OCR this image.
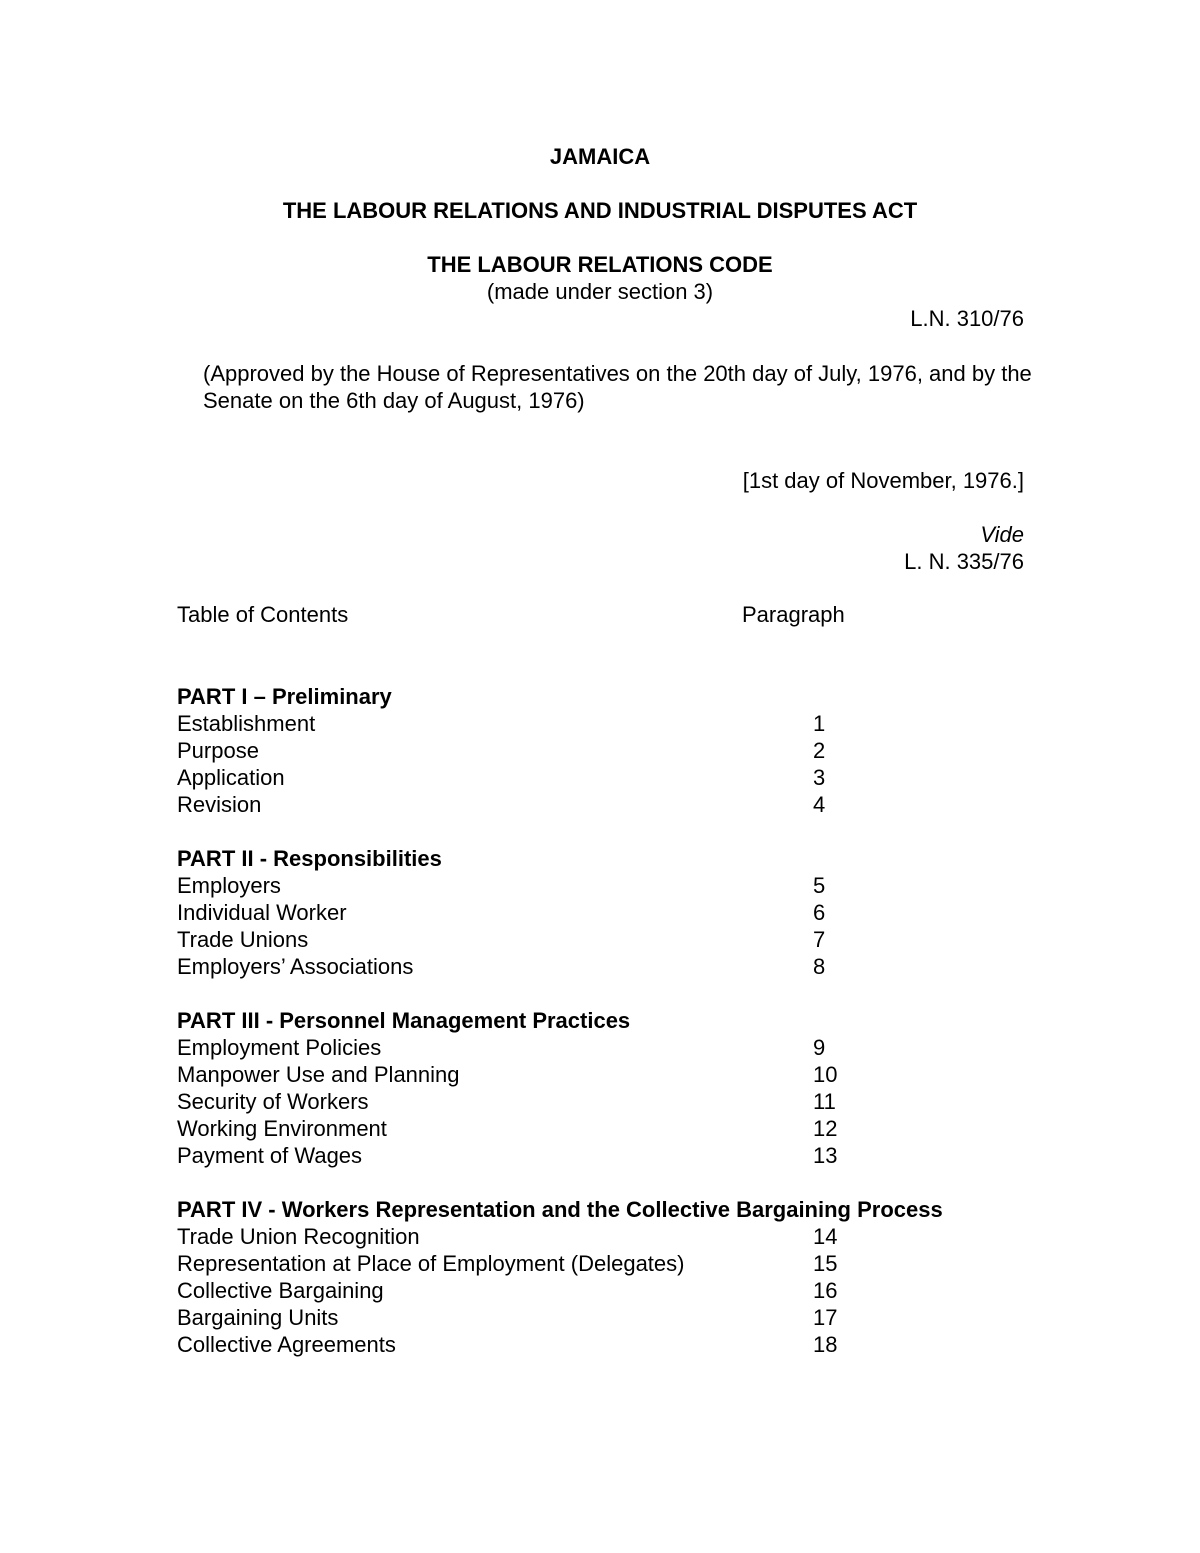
JAMAICA
THE LABOUR RELATIONS AND INDUSTRIAL DISPUTES ACT
THE LABOUR RELATIONS CODE
(made under section 3)
L.N. 310/76
(Approved by the House of Representatives on the 20th day of July, 1976, and by the Senate on the 6th day of August, 1976)
[1st day of November, 1976.]
Vide
L. N. 335/76
Table of Contents	Paragraph
PART I – Preliminary
Establishment	1
Purpose	2
Application	3
Revision	4
PART II - Responsibilities
Employers	5
Individual Worker	6
Trade Unions	7
Employers’ Associations	8
PART III - Personnel Management Practices
Employment Policies	9
Manpower Use and Planning	10
Security of Workers	11
Working Environment	12
Payment of Wages	13
PART IV - Workers Representation and the Collective Bargaining Process
Trade Union Recognition	14
Representation at Place of Employment (Delegates)	15
Collective Bargaining	16
Bargaining Units	17
Collective Agreements	18
